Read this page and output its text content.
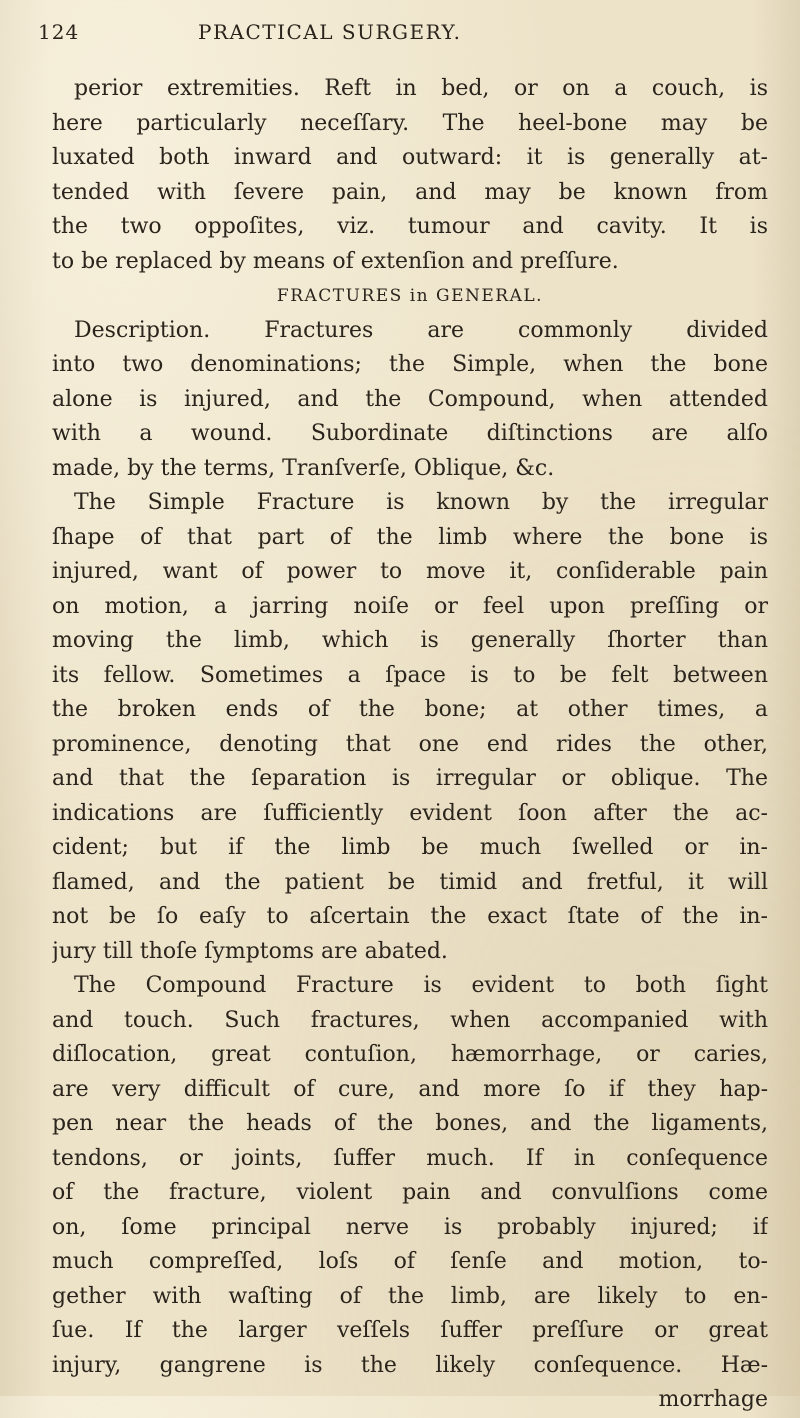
124	PRACTICAL SURGERY.
perior extremities. Reft in bed, or on a couch, is
here particularly neceſſary. The heel-bone may be
luxated both inward and outward: it is generally at-
tended with ſevere pain, and may be known from
the two oppoſites, viz. tumour and cavity. It is
to be replaced by means of extenſion and preſſure.
FRACTURES in GENERAL.
Description. Fractures are commonly divided
into two denominations; the Simple, when the bone
alone is injured, and the Compound, when attended
with a wound. Subordinate diſtinctions are alſo
made, by the terms, Tranſverſe, Oblique, &c.
The Simple Fracture is known by the irregular
ſhape of that part of the limb where the bone is
injured, want of power to move it, conſiderable pain
on motion, a jarring noiſe or feel upon preſſing or
moving the limb, which is generally ſhorter than
its fellow. Sometimes a ſpace is to be felt between
the broken ends of the bone; at other times, a
prominence, denoting that one end rides the other,
and that the ſeparation is irregular or oblique. The
indications are ſufficiently evident ſoon after the ac-
cident; but if the limb be much ſwelled or in-
flamed, and the patient be timid and fretful, it will
not be ſo eaſy to aſcertain the exact ſtate of the in-
jury till thoſe ſymptoms are abated.
The Compound Fracture is evident to both ſight
and touch. Such fractures, when accompanied with
diſlocation, great contuſion, hæmorrhage, or caries,
are very difficult of cure, and more ſo if they hap-
pen near the heads of the bones, and the ligaments,
tendons, or joints, ſuffer much. If in conſequence
of the fracture, violent pain and convulſions come
on, ſome principal nerve is probably injured; if
much compreſſed, loſs of ſenſe and motion, to-
gether with waſting of the limb, are likely to en-
ſue. If the larger veſſels ſuffer preſſure or great
injury, gangrene is the likely conſequence. Hæ-
morrhage
